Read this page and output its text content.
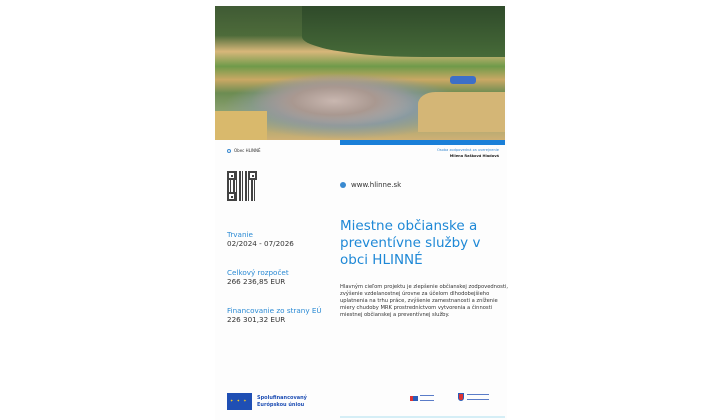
Obec HLINNÉ	Osoba zodpovedná za uverejnenie
Milena Rašková Hladová
www.hlinne.sk
Trvanie
02/2024 - 07/2026
Celkový rozpočet
266 236,85 EUR
Financovanie zo strany EÚ
226 301,32 EUR
Miestne občianske a preventívne služby v obci HLINNÉ
Hlavným cieľom projektu je zlepšenie občianskej zodpovednosti, zvýšenie vzdelanostnej úrovne za účelom dlhodobejšieho uplatnenia na trhu práce, zvýšenie zamestnanosti a zníženie miery chudoby MRK prostredníctvom vytvorenia a činnosti miestnej občianskej a preventívnej služby.
✦ ✦ ✦
Spolufinancovaný
Európskou úniou
